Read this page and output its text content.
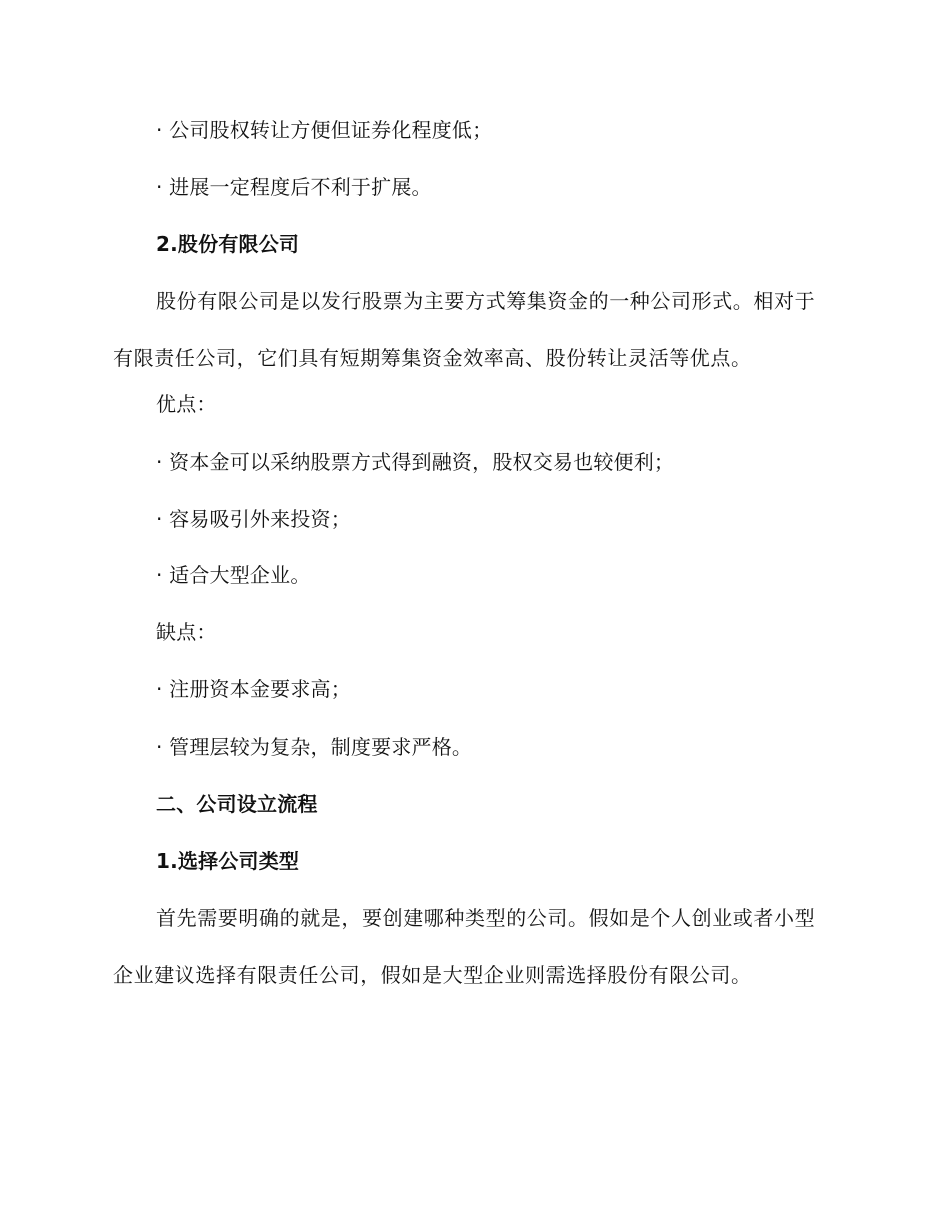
· 公司股权转让方便但证券化程度低；
· 进展一定程度后不利于扩展。
2.股份有限公司

股份有限公司是以发行股票为主要方式筹集资金的一种公司形式。相对于有限责任公司，它们具有短期筹集资金效率高、股份转让灵活等优点。

优点：
· 资本金可以采纳股票方式得到融资，股权交易也较便利；
· 容易吸引外来投资；
· 适合大型企业。
缺点：
· 注册资本金要求高；
· 管理层较为复杂，制度要求严格。
二、公司设立流程
1.选择公司类型

首先需要明确的就是，要创建哪种类型的公司。假如是个人创业或者小型企业建议选择有限责任公司，假如是大型企业则需选择股份有限公司。
